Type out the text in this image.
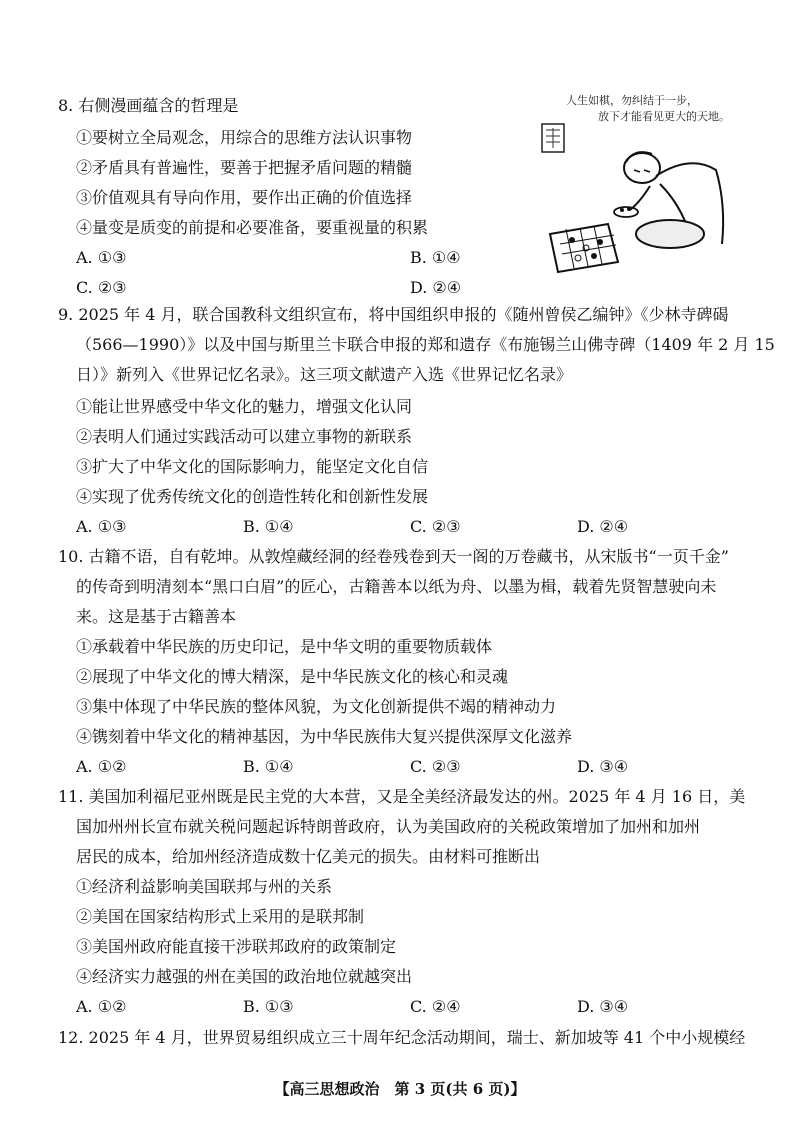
8. 右侧漫画蕴含的哲理是
①要树立全局观念，用综合的思维方法认识事物
②矛盾具有普遍性，要善于把握矛盾问题的精髓
③价值观具有导向作用，要作出正确的价值选择
④量变是质变的前提和必要准备，要重视量的积累
A. ①③	B. ①④
C. ②③	D. ②④
人生如棋，勿纠结于一步，
放下才能看见更大的天地。
9. 2025 年 4 月，联合国教科文组织宣布，将中国组织申报的《随州曾侯乙编钟》《少林寺碑碣
（566—1990）》以及中国与斯里兰卡联合申报的郑和遗存《布施锡兰山佛寺碑（1409 年 2 月 15
日）》新列入《世界记忆名录》。这三项文献遗产入选《世界记忆名录》
①能让世界感受中华文化的魅力，增强文化认同
②表明人们通过实践活动可以建立事物的新联系
③扩大了中华文化的国际影响力，能坚定文化自信
④实现了优秀传统文化的创造性转化和创新性发展
A. ①③	B. ①④	C. ②③	D. ②④
10. 古籍不语，自有乾坤。从敦煌藏经洞的经卷残卷到天一阁的万卷藏书，从宋版书“一页千金”
的传奇到明清刻本“黑口白眉”的匠心，古籍善本以纸为舟、以墨为楫，载着先贤智慧驶向未
来。这是基于古籍善本
①承载着中华民族的历史印记，是中华文明的重要物质载体
②展现了中华文化的博大精深，是中华民族文化的核心和灵魂
③集中体现了中华民族的整体风貌，为文化创新提供不竭的精神动力
④镌刻着中华文化的精神基因，为中华民族伟大复兴提供深厚文化滋养
A. ①②	B. ①④	C. ②③	D. ③④
11. 美国加利福尼亚州既是民主党的大本营，又是全美经济最发达的州。2025 年 4 月 16 日，美
国加州州长宣布就关税问题起诉特朗普政府，认为美国政府的关税政策增加了加州和加州
居民的成本，给加州经济造成数十亿美元的损失。由材料可推断出
①经济利益影响美国联邦与州的关系
②美国在国家结构形式上采用的是联邦制
③美国州政府能直接干涉联邦政府的政策制定
④经济实力越强的州在美国的政治地位就越突出
A. ①②	B. ①③	C. ②④	D. ③④
12. 2025 年 4 月，世界贸易组织成立三十周年纪念活动期间，瑞士、新加坡等 41 个中小规模经
【高三思想政治　第 3 页(共 6 页)】
